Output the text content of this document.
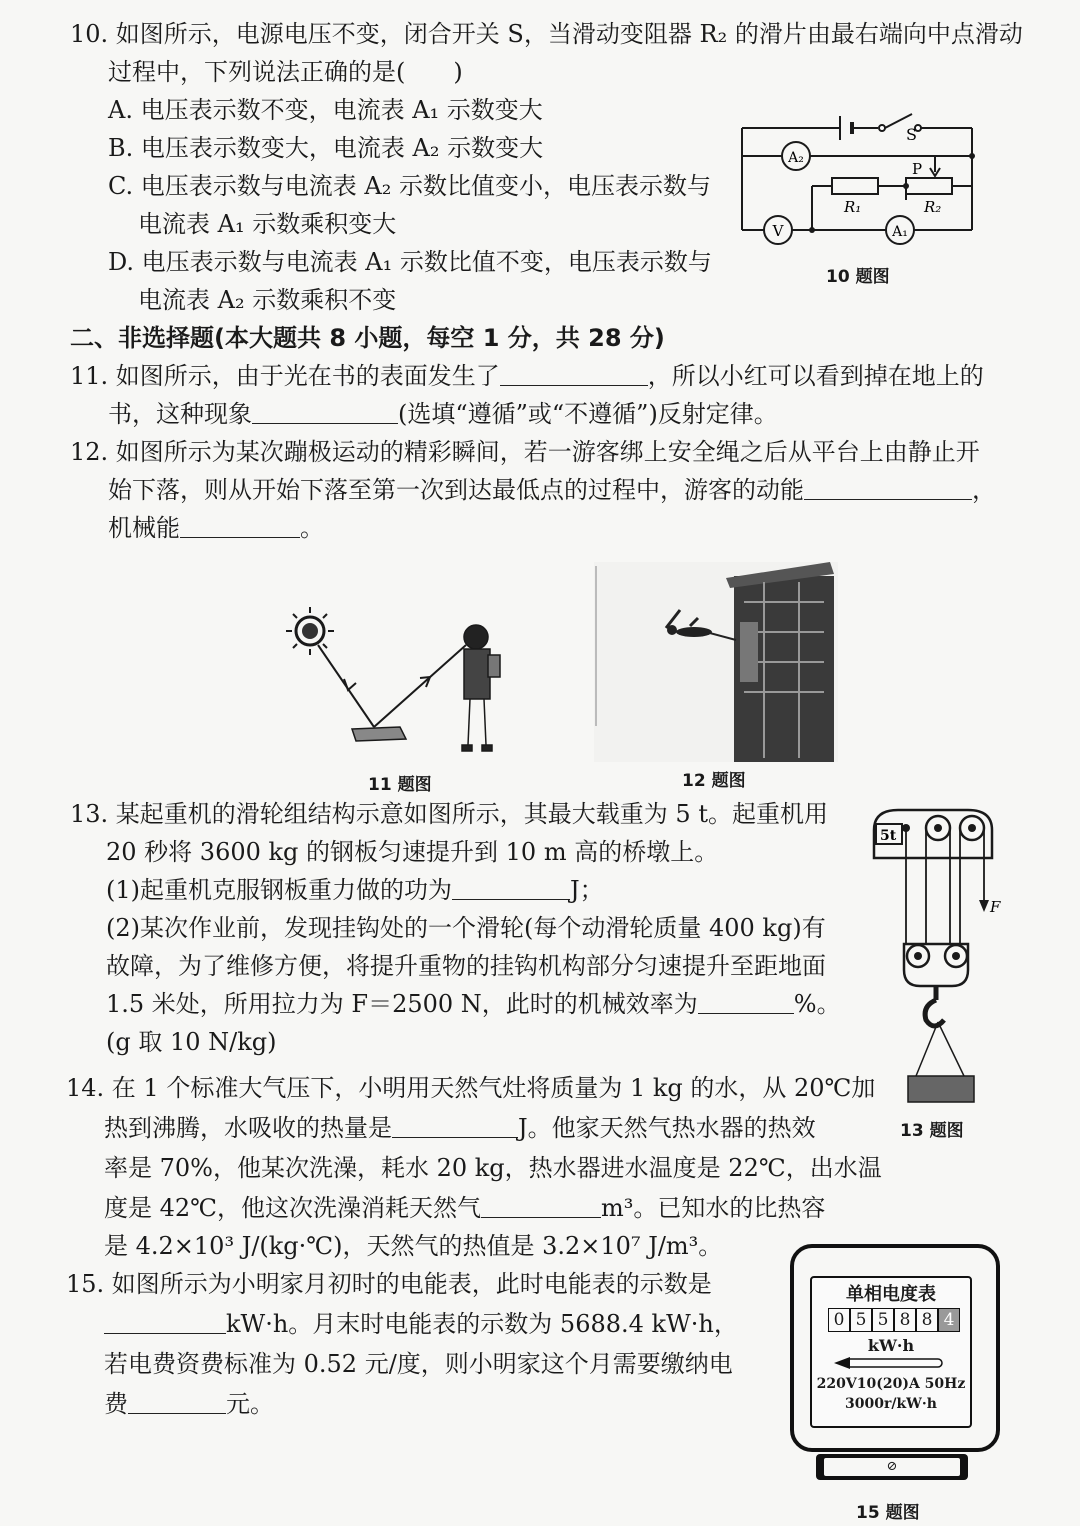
10. 如图所示，电源电压不变，闭合开关 S，当滑动变阻器 R₂ 的滑片由最右端向中点滑动
过程中，下列说法正确的是(　　)
A. 电压表示数不变，电流表 A₁ 示数变大
B. 电压表示数变大，电流表 A₂ 示数变大
C. 电压表示数与电流表 A₂ 示数比值变小，电压表示数与
电流表 A₁ 示数乘积变大
D. 电压表示数与电流表 A₁ 示数比值不变，电压表示数与
电流表 A₂ 示数乘积不变
A₂
V	A₁
S
P
R₁	R₂
10 题图
二、非选择题(本大题共 8 小题，每空 1 分，共 28 分)
11. 如图所示，由于光在书的表面发生了	，所以小红可以看到掉在地上的
书，这种现象	(选填“遵循”或“不遵循”)反射定律。
12. 如图所示为某次蹦极运动的精彩瞬间，若一游客绑上安全绳之后从平台上由静止开
始下落，则从开始下落至第一次到达最低点的过程中，游客的动能	，
机械能	。
11 题图	12 题图
13. 某起重机的滑轮组结构示意如图所示，其最大载重为 5 t。起重机用
20 秒将 3600 kg 的钢板匀速提升到 10 m 高的桥墩上。
(1)起重机克服钢板重力做的功为	J；
(2)某次作业前，发现挂钩处的一个滑轮(每个动滑轮质量 400 kg)有
故障，为了维修方便，将提升重物的挂钩机构部分匀速提升至距地面
1.5 米处，所用拉力为 F＝2500 N，此时的机械效率为	%。
(g 取 10 N/kg)
5t
F
13 题图
14. 在 1 个标准大气压下，小明用天然气灶将质量为 1 kg 的水，从 20℃加
热到沸腾，水吸收的热量是	J。他家天然气热水器的热效
率是 70%，他某次洗澡，耗水 20 kg，热水器进水温度是 22℃，出水温
度是 42℃，他这次洗澡消耗天然气	m³。已知水的比热容
是 4.2×10³ J/(kg·℃)，天然气的热值是 3.2×10⁷ J/m³。
15. 如图所示为小明家月初时的电能表，此时电能表的示数是
kW·h。月末时电能表的示数为 5688.4 kW·h，
若电费资费标准为 0.52 元/度，则小明家这个月需要缴纳电
费	元。
单相电度表
0 5 5 8 8 4
kW·h
220V10(20)A 50Hz
3000r/kW·h
⊘
15 题图
